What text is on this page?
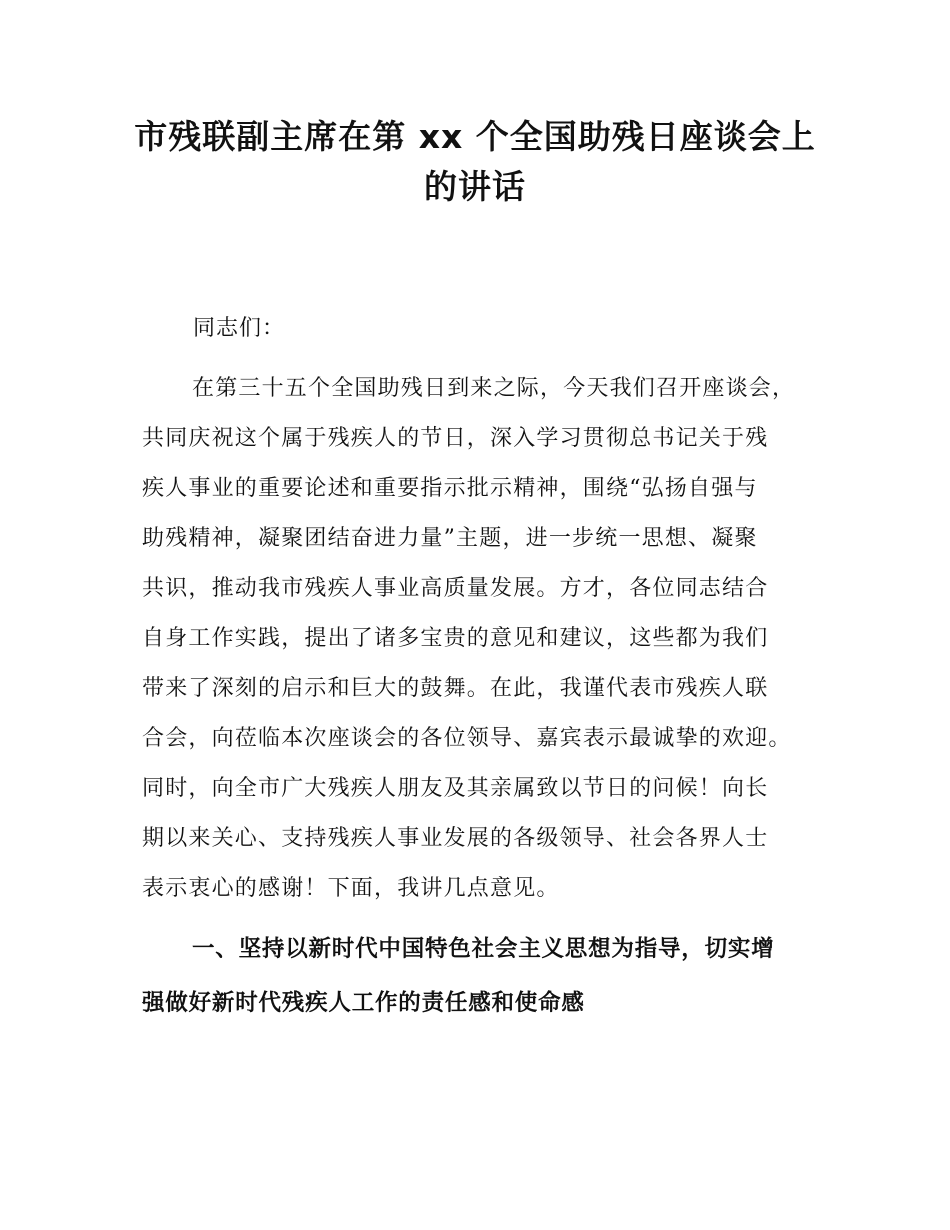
市残联副主席在第 xx 个全国助残日座谈会上
的讲话

同志们：

在第三十五个全国助残日到来之际，今天我们召开座谈会，
共同庆祝这个属于残疾人的节日，深入学习贯彻总书记关于残
疾人事业的重要论述和重要指示批示精神，围绕“弘扬自强与
助残精神，凝聚团结奋进力量”主题，进一步统一思想、凝聚
共识，推动我市残疾人事业高质量发展。方才，各位同志结合
自身工作实践，提出了诸多宝贵的意见和建议，这些都为我们
带来了深刻的启示和巨大的鼓舞。在此，我谨代表市残疾人联
合会，向莅临本次座谈会的各位领导、嘉宾表示最诚挚的欢迎。
同时，向全市广大残疾人朋友及其亲属致以节日的问候！向长
期以来关心、支持残疾人事业发展的各级领导、社会各界人士
表示衷心的感谢！下面，我讲几点意见。

一、坚持以新时代中国特色社会主义思想为指导，切实增
强做好新时代残疾人工作的责任感和使命感
